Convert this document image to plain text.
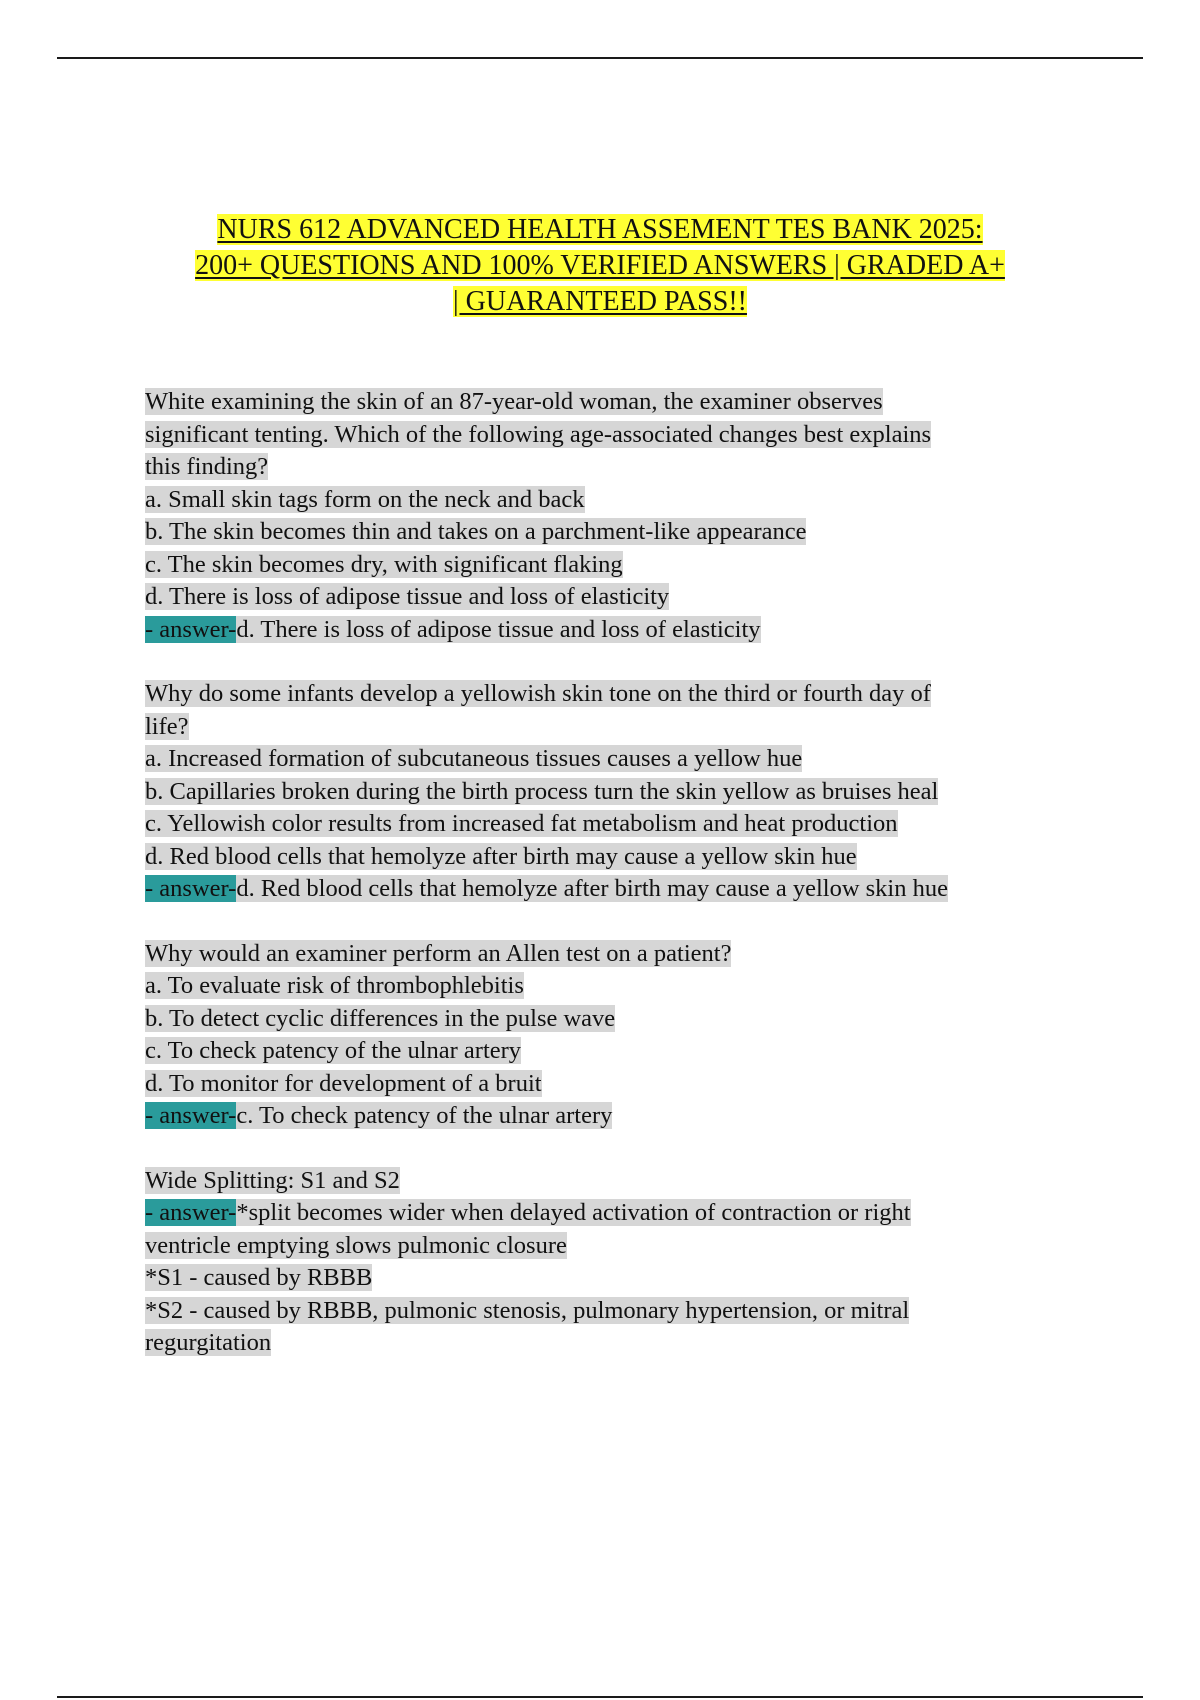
NURS 612 ADVANCED HEALTH ASSEMENT TES BANK 2025:
200+ QUESTIONS AND 100% VERIFIED ANSWERS | GRADED A+
| GUARANTEED PASS!!
White examining the skin of an 87-year-old woman, the examiner observes
significant tenting. Which of the following age-associated changes best explains
this finding?
a. Small skin tags form on the neck and back
b. The skin becomes thin and takes on a parchment-like appearance
c. The skin becomes dry, with significant flaking
d. There is loss of adipose tissue and loss of elasticity
- answer-d. There is loss of adipose tissue and loss of elasticity
Why do some infants develop a yellowish skin tone on the third or fourth day of
life?
a. Increased formation of subcutaneous tissues causes a yellow hue
b. Capillaries broken during the birth process turn the skin yellow as bruises heal
c. Yellowish color results from increased fat metabolism and heat production
d. Red blood cells that hemolyze after birth may cause a yellow skin hue
- answer-d. Red blood cells that hemolyze after birth may cause a yellow skin hue
Why would an examiner perform an Allen test on a patient?
a. To evaluate risk of thrombophlebitis
b. To detect cyclic differences in the pulse wave
c. To check patency of the ulnar artery
d. To monitor for development of a bruit
- answer-c. To check patency of the ulnar artery
Wide Splitting: S1 and S2
- answer-*split becomes wider when delayed activation of contraction or right
ventricle emptying slows pulmonic closure
*S1 - caused by RBBB
*S2 - caused by RBBB, pulmonic stenosis, pulmonary hypertension, or mitral
regurgitation
